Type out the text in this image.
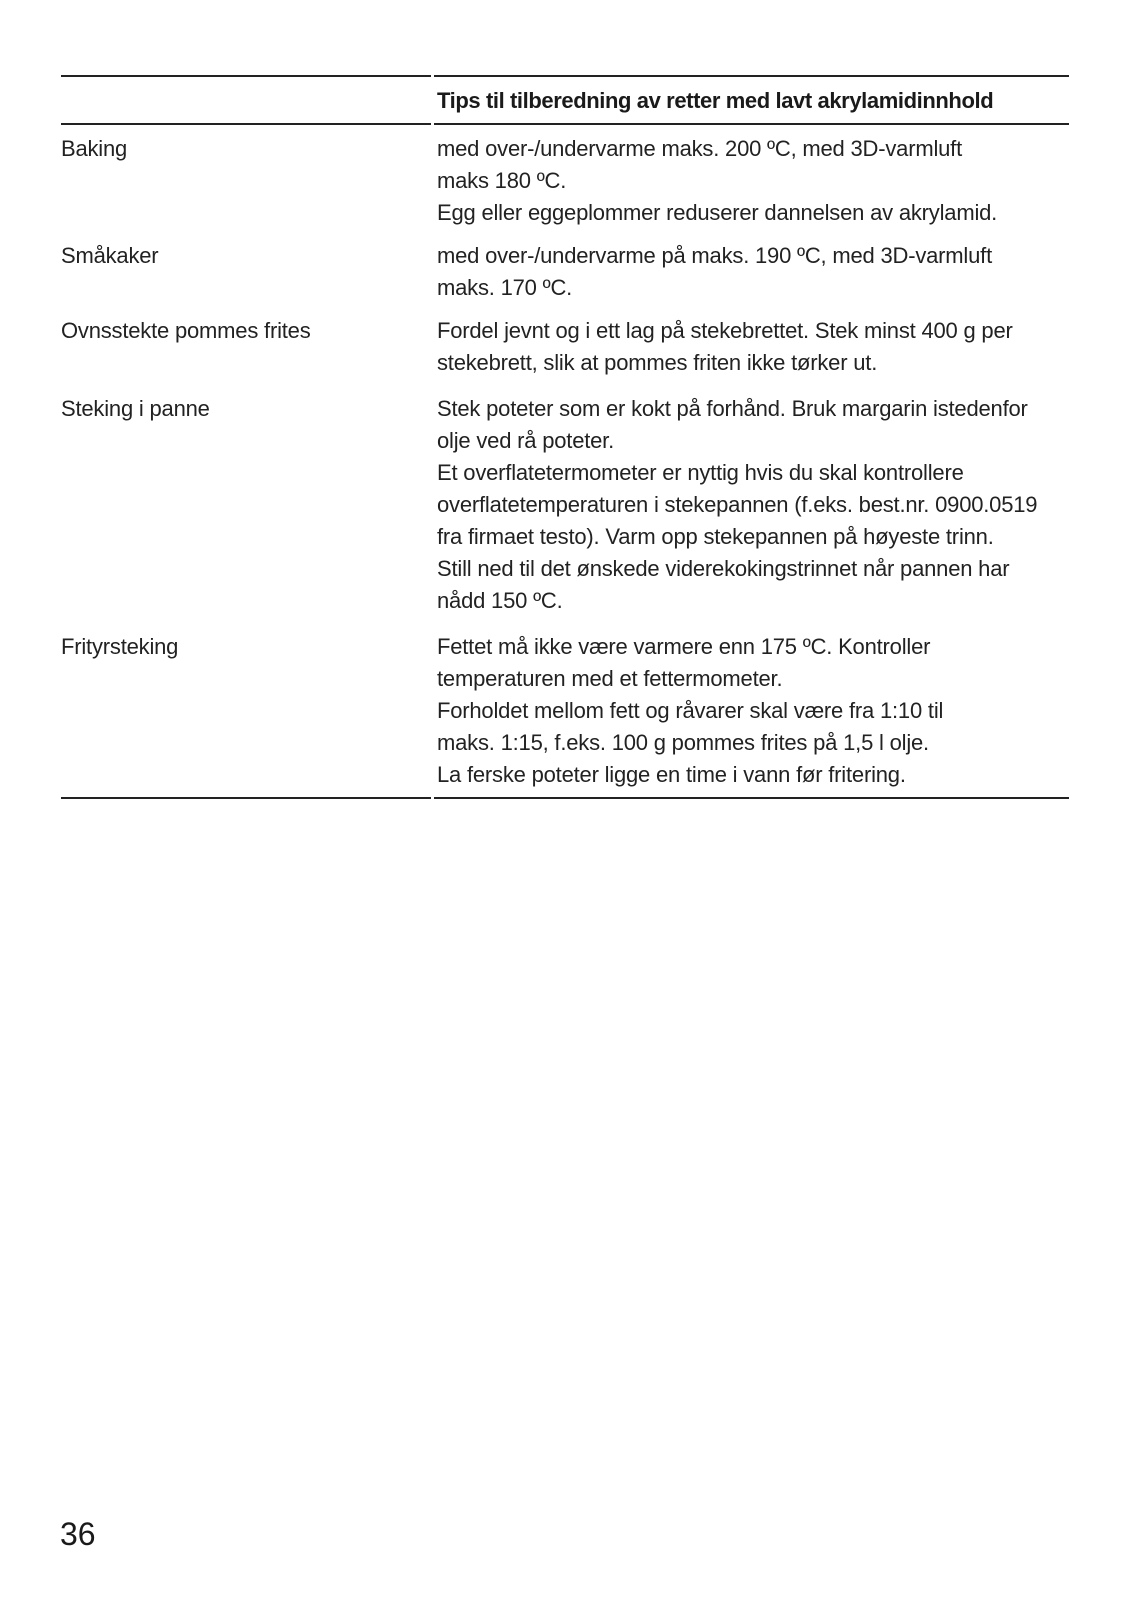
Tips til tilberedning av retter med lavt akrylamidinnhold
Baking	med over-/undervarme maks. 200 ºC, med 3D-varmluft maks 180 ºC.

Egg eller eggeplommer reduserer dannelsen av akrylamid.

Småkaker	med over-/undervarme på maks. 190 ºC, med 3D-varmluft maks. 170 ºC.

Ovnsstekte pommes frites	Fordel jevnt og i ett lag på stekebrettet. Stek minst 400 g per stekebrett, slik at pommes friten ikke tørker ut.

Steking i panne	Stek poteter som er kokt på forhånd. Bruk margarin istedenfor olje ved rå poteter.

Et overflatetermometer er nyttig hvis du skal kontrollere overflatetemperaturen i stekepannen (f.eks. best.nr. 0900.0519 fra firmaet testo). Varm opp stekepannen på høyeste trinn.

Still ned til det ønskede viderekokingstrinnet når pannen har nådd 150 ºC.

Frityrsteking	Fettet må ikke være varmere enn 175 ºC. Kontroller temperaturen med et fettermometer.

Forholdet mellom fett og råvarer skal være fra 1:10 til maks. 1:15, f.eks. 100 g pommes frites på 1,5 l olje.

La ferske poteter ligge en time i vann før fritering.

36
